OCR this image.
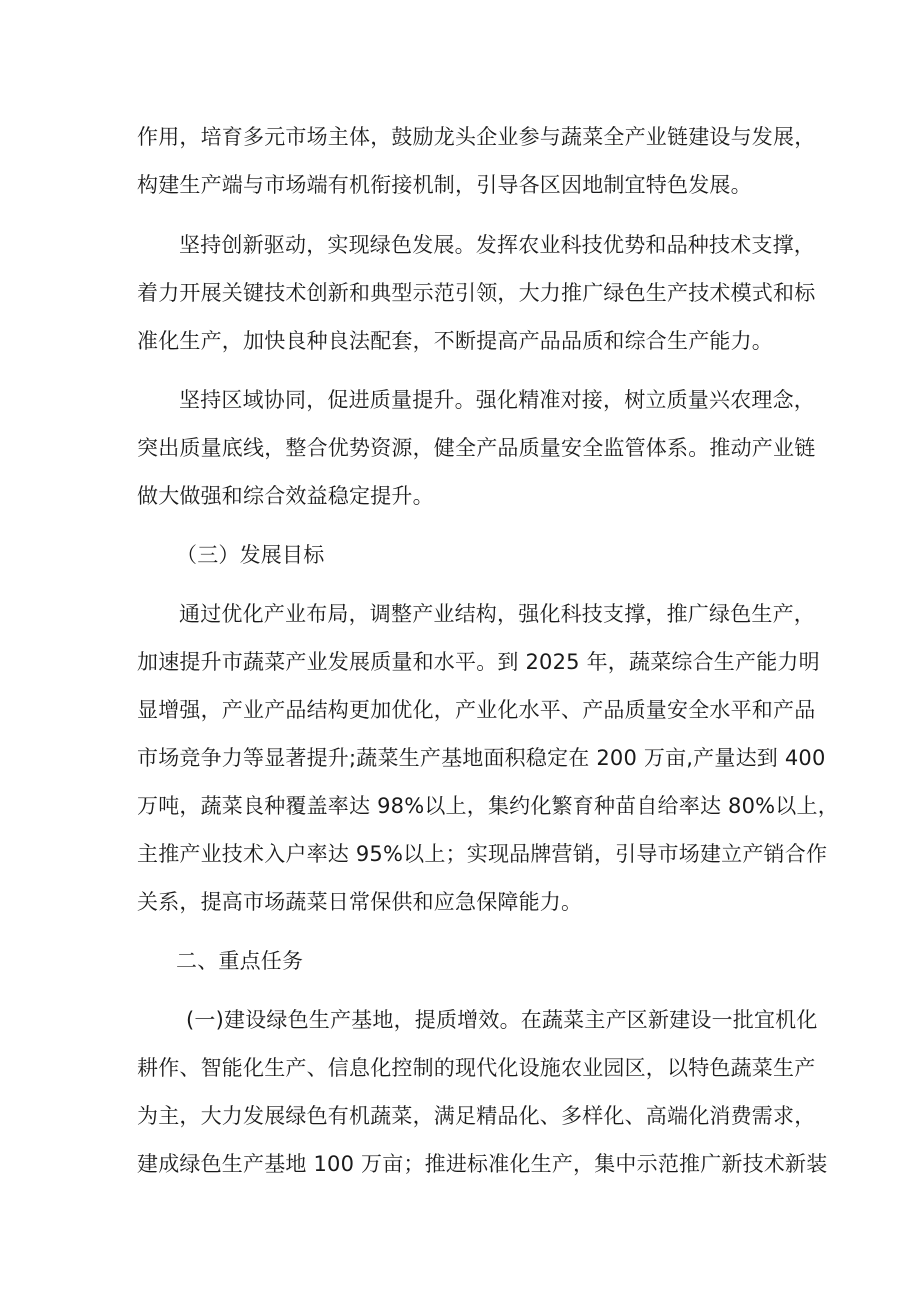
作用，培育多元市场主体，鼓励龙头企业参与蔬菜全产业链建设与发展，
构建生产端与市场端有机衔接机制，引导各区因地制宜特色发展。
坚持创新驱动，实现绿色发展。发挥农业科技优势和品种技术支撑，
着力开展关键技术创新和典型示范引领，大力推广绿色生产技术模式和标
准化生产，加快良种良法配套，不断提高产品品质和综合生产能力。
坚持区域协同，促进质量提升。强化精准对接，树立质量兴农理念，
突出质量底线，整合优势资源，健全产品质量安全监管体系。推动产业链
做大做强和综合效益稳定提升。
（三）发展目标
通过优化产业布局，调整产业结构，强化科技支撑，推广绿色生产，
加速提升市蔬菜产业发展质量和水平。到 2025 年，蔬菜综合生产能力明
显增强，产业产品结构更加优化，产业化水平、产品质量安全水平和产品
市场竞争力等显著提升;蔬菜生产基地面积稳定在 200 万亩,产量达到 400
万吨，蔬菜良种覆盖率达 98%以上，集约化繁育种苗自给率达 80%以上，
主推产业技术入户率达 95%以上；实现品牌营销，引导市场建立产销合作
关系，提高市场蔬菜日常保供和应急保障能力。
二、重点任务
(一)建设绿色生产基地，提质增效。在蔬菜主产区新建设一批宜机化
耕作、智能化生产、信息化控制的现代化设施农业园区，以特色蔬菜生产
为主，大力发展绿色有机蔬菜，满足精品化、多样化、高端化消费需求，
建成绿色生产基地 100 万亩；推进标准化生产，集中示范推广新技术新装
